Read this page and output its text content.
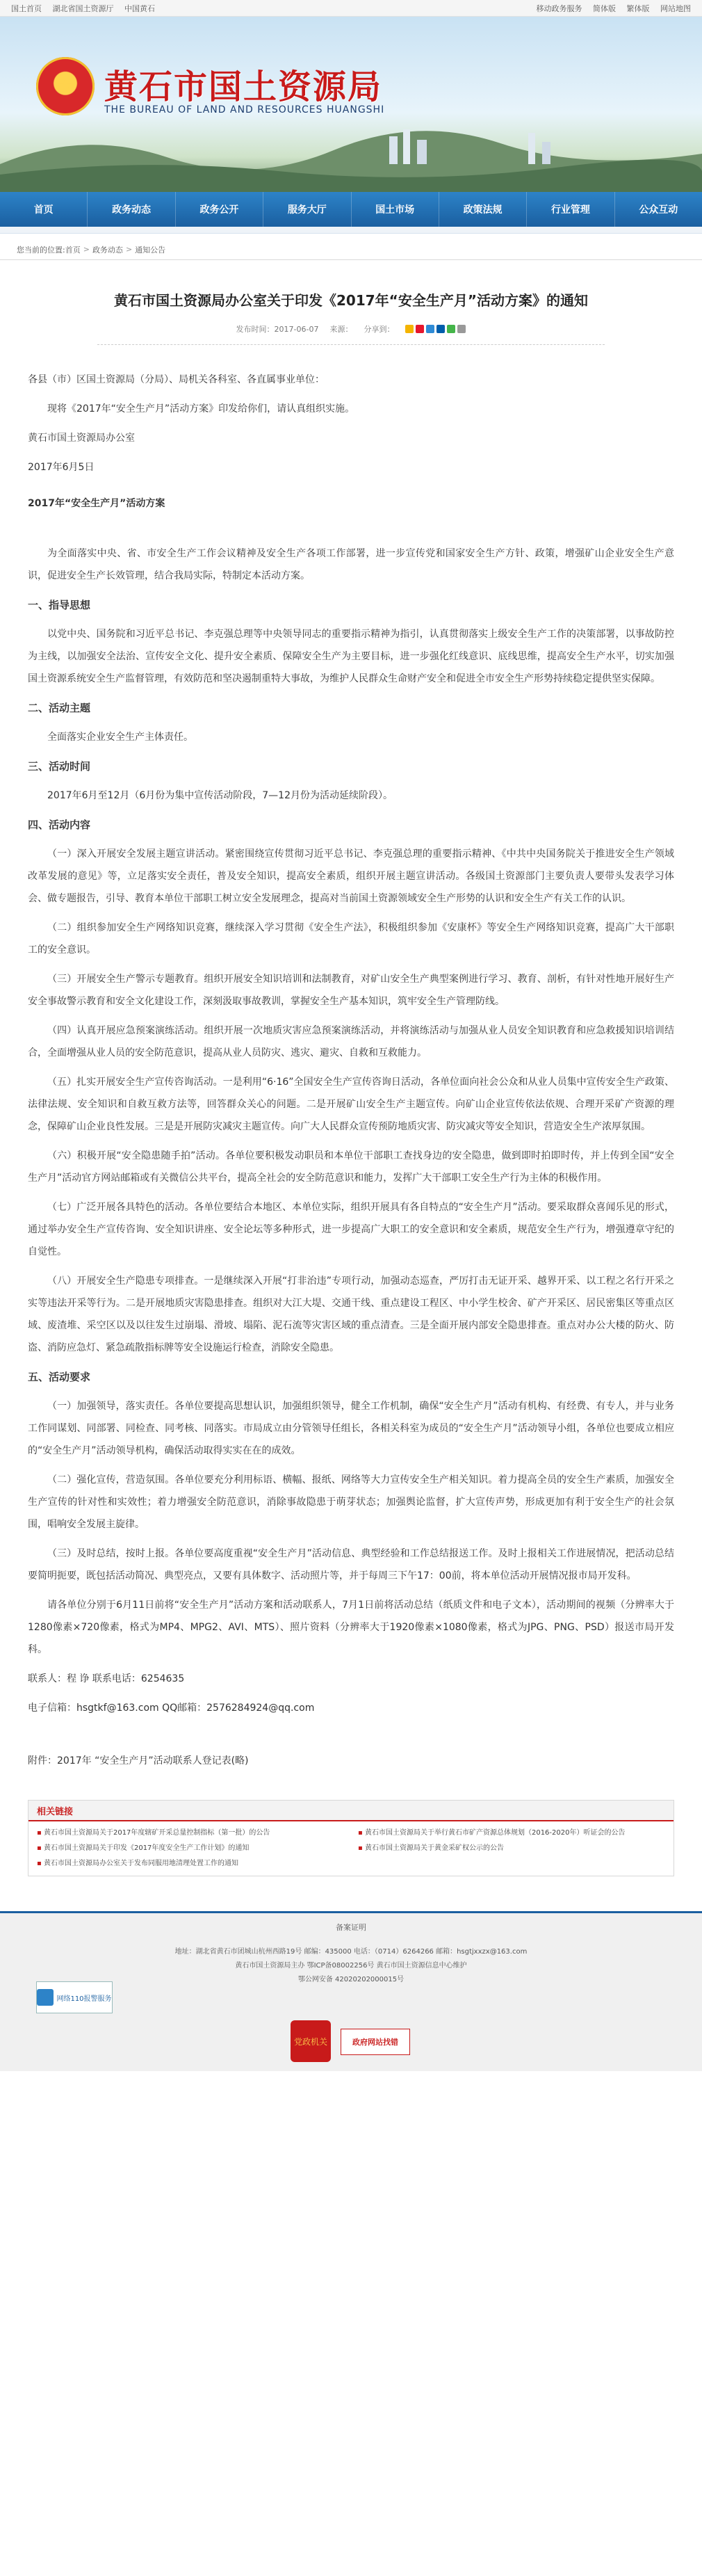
国土首页 湖北省国土资源厅 中国黄石	移动政务服务 简体版 繁体版 网站地图
★ 黄石市国土资源局
THE BUREAU OF LAND AND RESOURCES HUANGSHI
首页	政务动态	政务公开	服务大厅	国土市场	政策法规	行业管理	公众互动
您当前的位置: 首页 > 政务动态 > 通知公告
黄石市国土资源局办公室关于印发《2017年“安全生产月”活动方案》的通知
发布时间：2017-06-07 来源： 分享到：

各县（市）区国土资源局（分局）、局机关各科室、各直属事业单位：

现将《2017年“安全生产月”活动方案》印发给你们，请认真组织实施。

黄石市国土资源局办公室

2017年6月5日

2017年“安全生产月”活动方案

为全面落实中央、省、市安全生产工作会议精神及安全生产各项工作部署，进一步宣传党和国家安全生产方针、政策，增强矿山企业安全生产意识，促进安全生产长效管理，结合我局实际，特制定本活动方案。

一、指导思想

以党中央、国务院和习近平总书记、李克强总理等中央领导同志的重要指示精神为指引，认真贯彻落实上级安全生产工作的决策部署，以事故防控为主线，以加强安全法治、宣传安全文化、提升安全素质、保障安全生产为主要目标，进一步强化红线意识、底线思维，提高安全生产水平，切实加强国土资源系统安全生产监督管理，有效防范和坚决遏制重特大事故，为维护人民群众生命财产安全和促进全市安全生产形势持续稳定提供坚实保障。

二、活动主题

全面落实企业安全生产主体责任。

三、活动时间

2017年6月至12月（6月份为集中宣传活动阶段，7—12月份为活动延续阶段）。

四、活动内容

（一）深入开展安全发展主题宣讲活动。紧密围绕宣传贯彻习近平总书记、李克强总理的重要指示精神、《中共中央国务院关于推进安全生产领域改革发展的意见》等，立足落实安全责任，普及安全知识，提高安全素质，组织开展主题宣讲活动。各级国土资源部门主要负责人要带头发表学习体会、做专题报告，引导、教育本单位干部职工树立安全发展理念，提高对当前国土资源领域安全生产形势的认识和安全生产有关工作的认识。

（二）组织参加安全生产网络知识竞赛，继续深入学习贯彻《安全生产法》，积极组织参加《安康杯》等安全生产网络知识竞赛，提高广大干部职工的安全意识。

（三）开展安全生产警示专题教育。组织开展安全知识培训和法制教育，对矿山安全生产典型案例进行学习、教育、剖析，有针对性地开展好生产安全事故警示教育和安全文化建设工作，深刻汲取事故教训，掌握安全生产基本知识，筑牢安全生产管理防线。

（四）认真开展应急预案演练活动。组织开展一次地质灾害应急预案演练活动，并将演练活动与加强从业人员安全知识教育和应急救援知识培训结合，全面增强从业人员的安全防范意识，提高从业人员防灾、逃灾、避灾、自救和互救能力。

（五）扎实开展安全生产宣传咨询活动。一是利用“6·16”全国安全生产宣传咨询日活动，各单位面向社会公众和从业人员集中宣传安全生产政策、法律法规、安全知识和自救互救方法等，回答群众关心的问题。二是开展矿山安全生产主题宣传。向矿山企业宣传依法依规、合理开采矿产资源的理念，保障矿山企业良性发展。三是是开展防灾减灾主题宣传。向广大人民群众宣传预防地质灾害、防灾减灾等安全知识，营造安全生产浓厚氛围。

（六）积极开展“安全隐患随手拍”活动。各单位要积极发动职员和本单位干部职工查找身边的安全隐患，做到即时拍即时传，并上传到全国“安全生产月”活动官方网站邮箱或有关微信公共平台，提高全社会的安全防范意识和能力，发挥广大干部职工安全生产行为主体的积极作用。

（七）广泛开展各具特色的活动。各单位要结合本地区、本单位实际，组织开展具有各自特点的“安全生产月”活动。要采取群众喜闻乐见的形式，通过举办安全生产宣传咨询、安全知识讲座、安全论坛等多种形式，进一步提高广大职工的安全意识和安全素质，规范安全生产行为，增强遵章守纪的自觉性。

（八）开展安全生产隐患专项排查。一是继续深入开展“打非治违”专项行动，加强动态巡查，严厉打击无证开采、越界开采、以工程之名行开采之实等违法开采等行为。二是开展地质灾害隐患排查。组织对大江大堤、交通干线、重点建设工程区、中小学生校舍、矿产开采区、居民密集区等重点区域、废渣堆、采空区以及以往发生过崩塌、滑坡、塌陷、泥石流等灾害区域的重点清查。三是全面开展内部安全隐患排查。重点对办公大楼的防火、防盗、消防应急灯、紧急疏散指标牌等安全设施运行检查，消除安全隐患。

五、活动要求

（一）加强领导，落实责任。各单位要提高思想认识，加强组织领导，健全工作机制，确保“安全生产月”活动有机构、有经费、有专人，并与业务工作同谋划、同部署、同检查、同考核、同落实。市局成立由分管领导任组长，各相关科室为成员的“安全生产月”活动领导小组，各单位也要成立相应的“安全生产月”活动领导机构，确保活动取得实实在在的成效。

（二）强化宣传，营造氛围。各单位要充分利用标语、横幅、报纸、网络等大力宣传安全生产相关知识。着力提高全员的安全生产素质，加强安全生产宣传的针对性和实效性；着力增强安全防范意识，消除事故隐患于萌芽状态；加强舆论监督，扩大宣传声势，形成更加有利于安全生产的社会氛围，唱响安全发展主旋律。

（三）及时总结，按时上报。各单位要高度重视“安全生产月”活动信息、典型经验和工作总结报送工作。及时上报相关工作进展情况，把活动总结要简明扼要，既包括活动简况、典型亮点，又要有具体数字、活动照片等，并于每周三下午17：00前，将本单位活动开展情况报市局开发科。

请各单位分别于6月11日前将“安全生产月”活动方案和活动联系人，7月1日前将活动总结（纸质文件和电子文本），活动期间的视频（分辨率大于1280像素×720像素，格式为MP4、MPG2、AVI、MTS）、照片资料（分辨率大于1920像素×1080像素，格式为JPG、PNG、PSD）报送市局开发科。

联系人：程 诤 联系电话：6254635

电子信箱：hsgtkf@163.com QQ邮箱：2576284924@qq.com

附件：2017年 “安全生产月”活动联系人登记表(略)

相关链接
▪ 黄石市国土资源局关于2017年度辖矿开采总量控制指标（第一批）的公告	▪ 黄石市国土资源局关于举行黄石市矿产资源总体规划（2016-2020年）听证会的公告
▪ 黄石市国土资源局关于印发《2017年度安全生产工作计划》的通知	▪ 黄石市国土资源局关于黄金采矿权公示的公告
▪ 黄石市国土资源局办公室关于发布同服用地清理处置工作的通知
备案证明
地址：湖北省黄石市团城山杭州西路19号 邮编：435000 电话：（0714）6264266 邮箱：hsgtjxxzx@163.com
黄石市国土资源局主办 鄂ICP备08002256号 黄石市国土资源信息中心维护
鄂公网安备 42020202000015号
网络110报警服务
党政机关	政府网站找错
